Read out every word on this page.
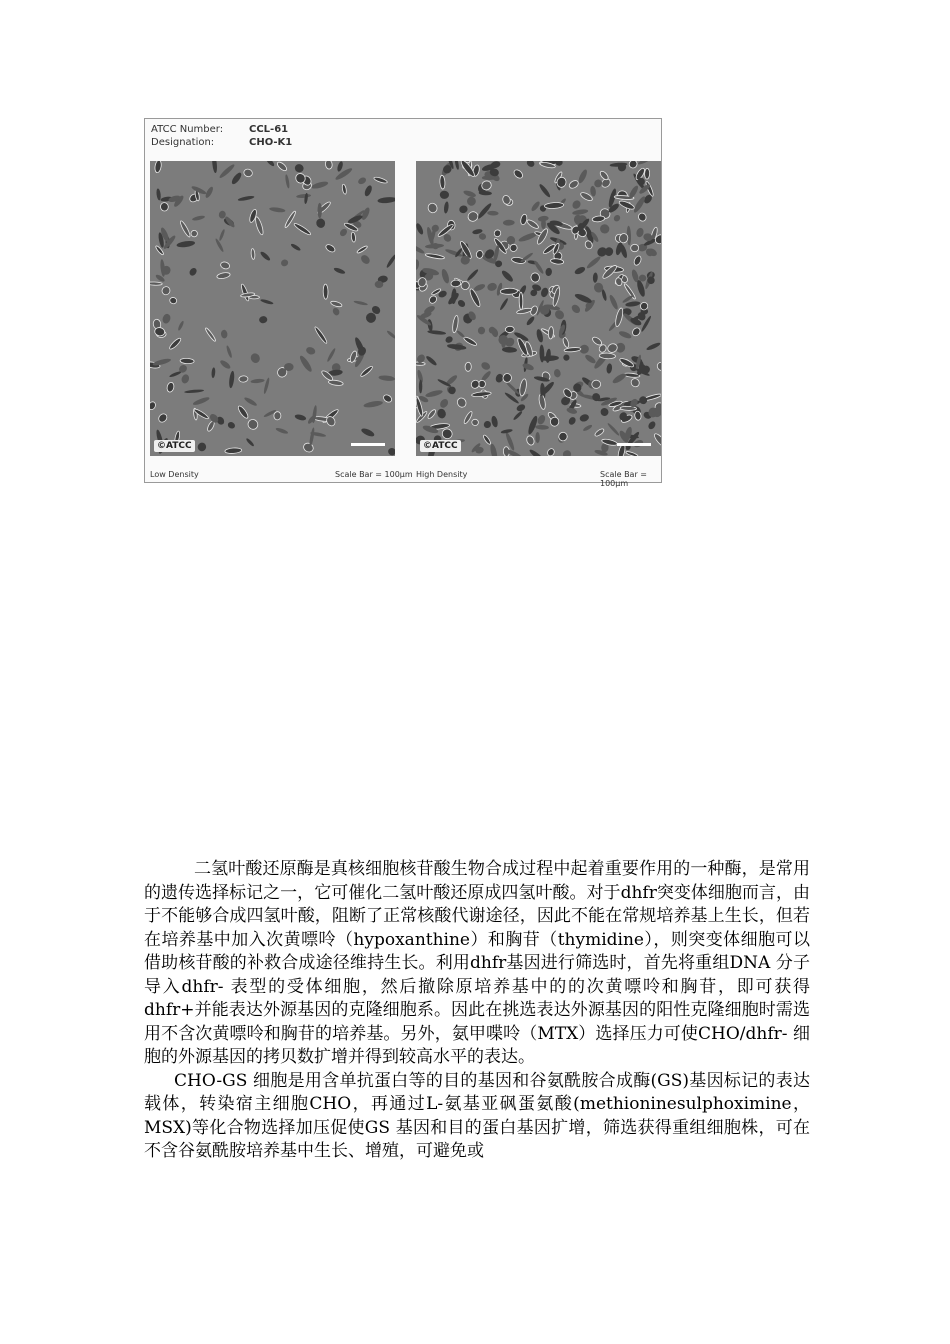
ATCC Number:	CCL-61
Designation:	CHO-K1
©ATCC	©ATCC
Low Density	Scale Bar = 100µm High Density	Scale Bar = 100µm

二氢叶酸还原酶是真核细胞核苷酸生物合成过程中起着重要作用的一种酶，是常用的遗传选择标记之一，它可催化二氢叶酸还原成四氢叶酸。对于dhfr突变体细胞而言，由于不能够合成四氢叶酸，阻断了正常核酸代谢途径，因此不能在常规培养基上生长，但若在培养基中加入次黄嘌呤（hypoxanthine）和胸苷（thymidine），则突变体细胞可以借助核苷酸的补救合成途径维持生长。利用dhfr基因进行筛选时，首先将重组DNA 分子导入dhfr- 表型的受体细胞，然后撤除原培养基中的的次黄嘌呤和胸苷，即可获得dhfr+并能表达外源基因的克隆细胞系。因此在挑选表达外源基因的阳性克隆细胞时需选用不含次黄嘌呤和胸苷的培养基。另外，氨甲喋呤（MTX）选择压力可使CHO/dhfr- 细胞的外源基因的拷贝数扩增并得到较高水平的表达。

CHO-GS 细胞是用含单抗蛋白等的目的基因和谷氨酰胺合成酶(GS)基因标记的表达载体，转染宿主细胞CHO，再通过L-氨基亚砜蛋氨酸(methioninesulphoximine，MSX)等化合物选择加压促使GS 基因和目的蛋白基因扩增，筛选获得重组细胞株，可在不含谷氨酰胺培养基中生长、增殖，可避免或
